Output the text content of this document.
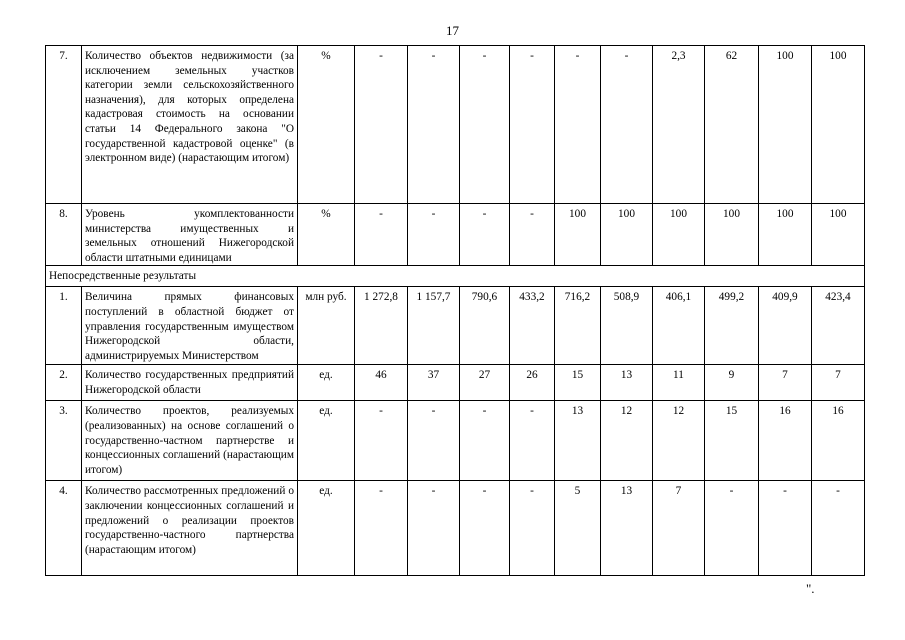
17
7.	Количество объектов недвижимости (за исключением земельных участков категории земли сельскохозяйственного назначения), для которых определена кадастровая стоимость на основании статьи 14 Федерального закона "О государственной кадастровой оценке" (в электронном виде) (нарастающим итогом)	%	-	-	-	-	-	-	2,3	62	100	100
8.	Уровень укомплектованности министерства имущественных и земельных отношений Нижегородской области штатными единицами	%	-	-	-	-	100	100	100	100	100	100
Непосредственные результаты												
1.	Величина прямых финансовых поступлений в областной бюджет от управления государственным имуществом Нижегородской области, администрируемых Министерством	млн руб.	1 272,8	1 157,7	790,6	433,2	716,2	508,9	406,1	499,2	409,9	423,4
2.	Количество государственных предприятий Нижегородской области	ед.	46	37	27	26	15	13	11	9	7	7
3.	Количество проектов, реализуемых (реализованных) на основе соглашений о государственно-частном партнерстве и концессионных соглашений (нарастающим итогом)	ед.	-	-	-	-	13	12	12	15	16	16
4.	Количество рассмотренных предложений о заключении концессионных соглашений и предложений о реализации проектов государственно-частного партнерства (нарастающим итогом)	ед.	-	-	-	-	5	13	7	-	-	-
".
